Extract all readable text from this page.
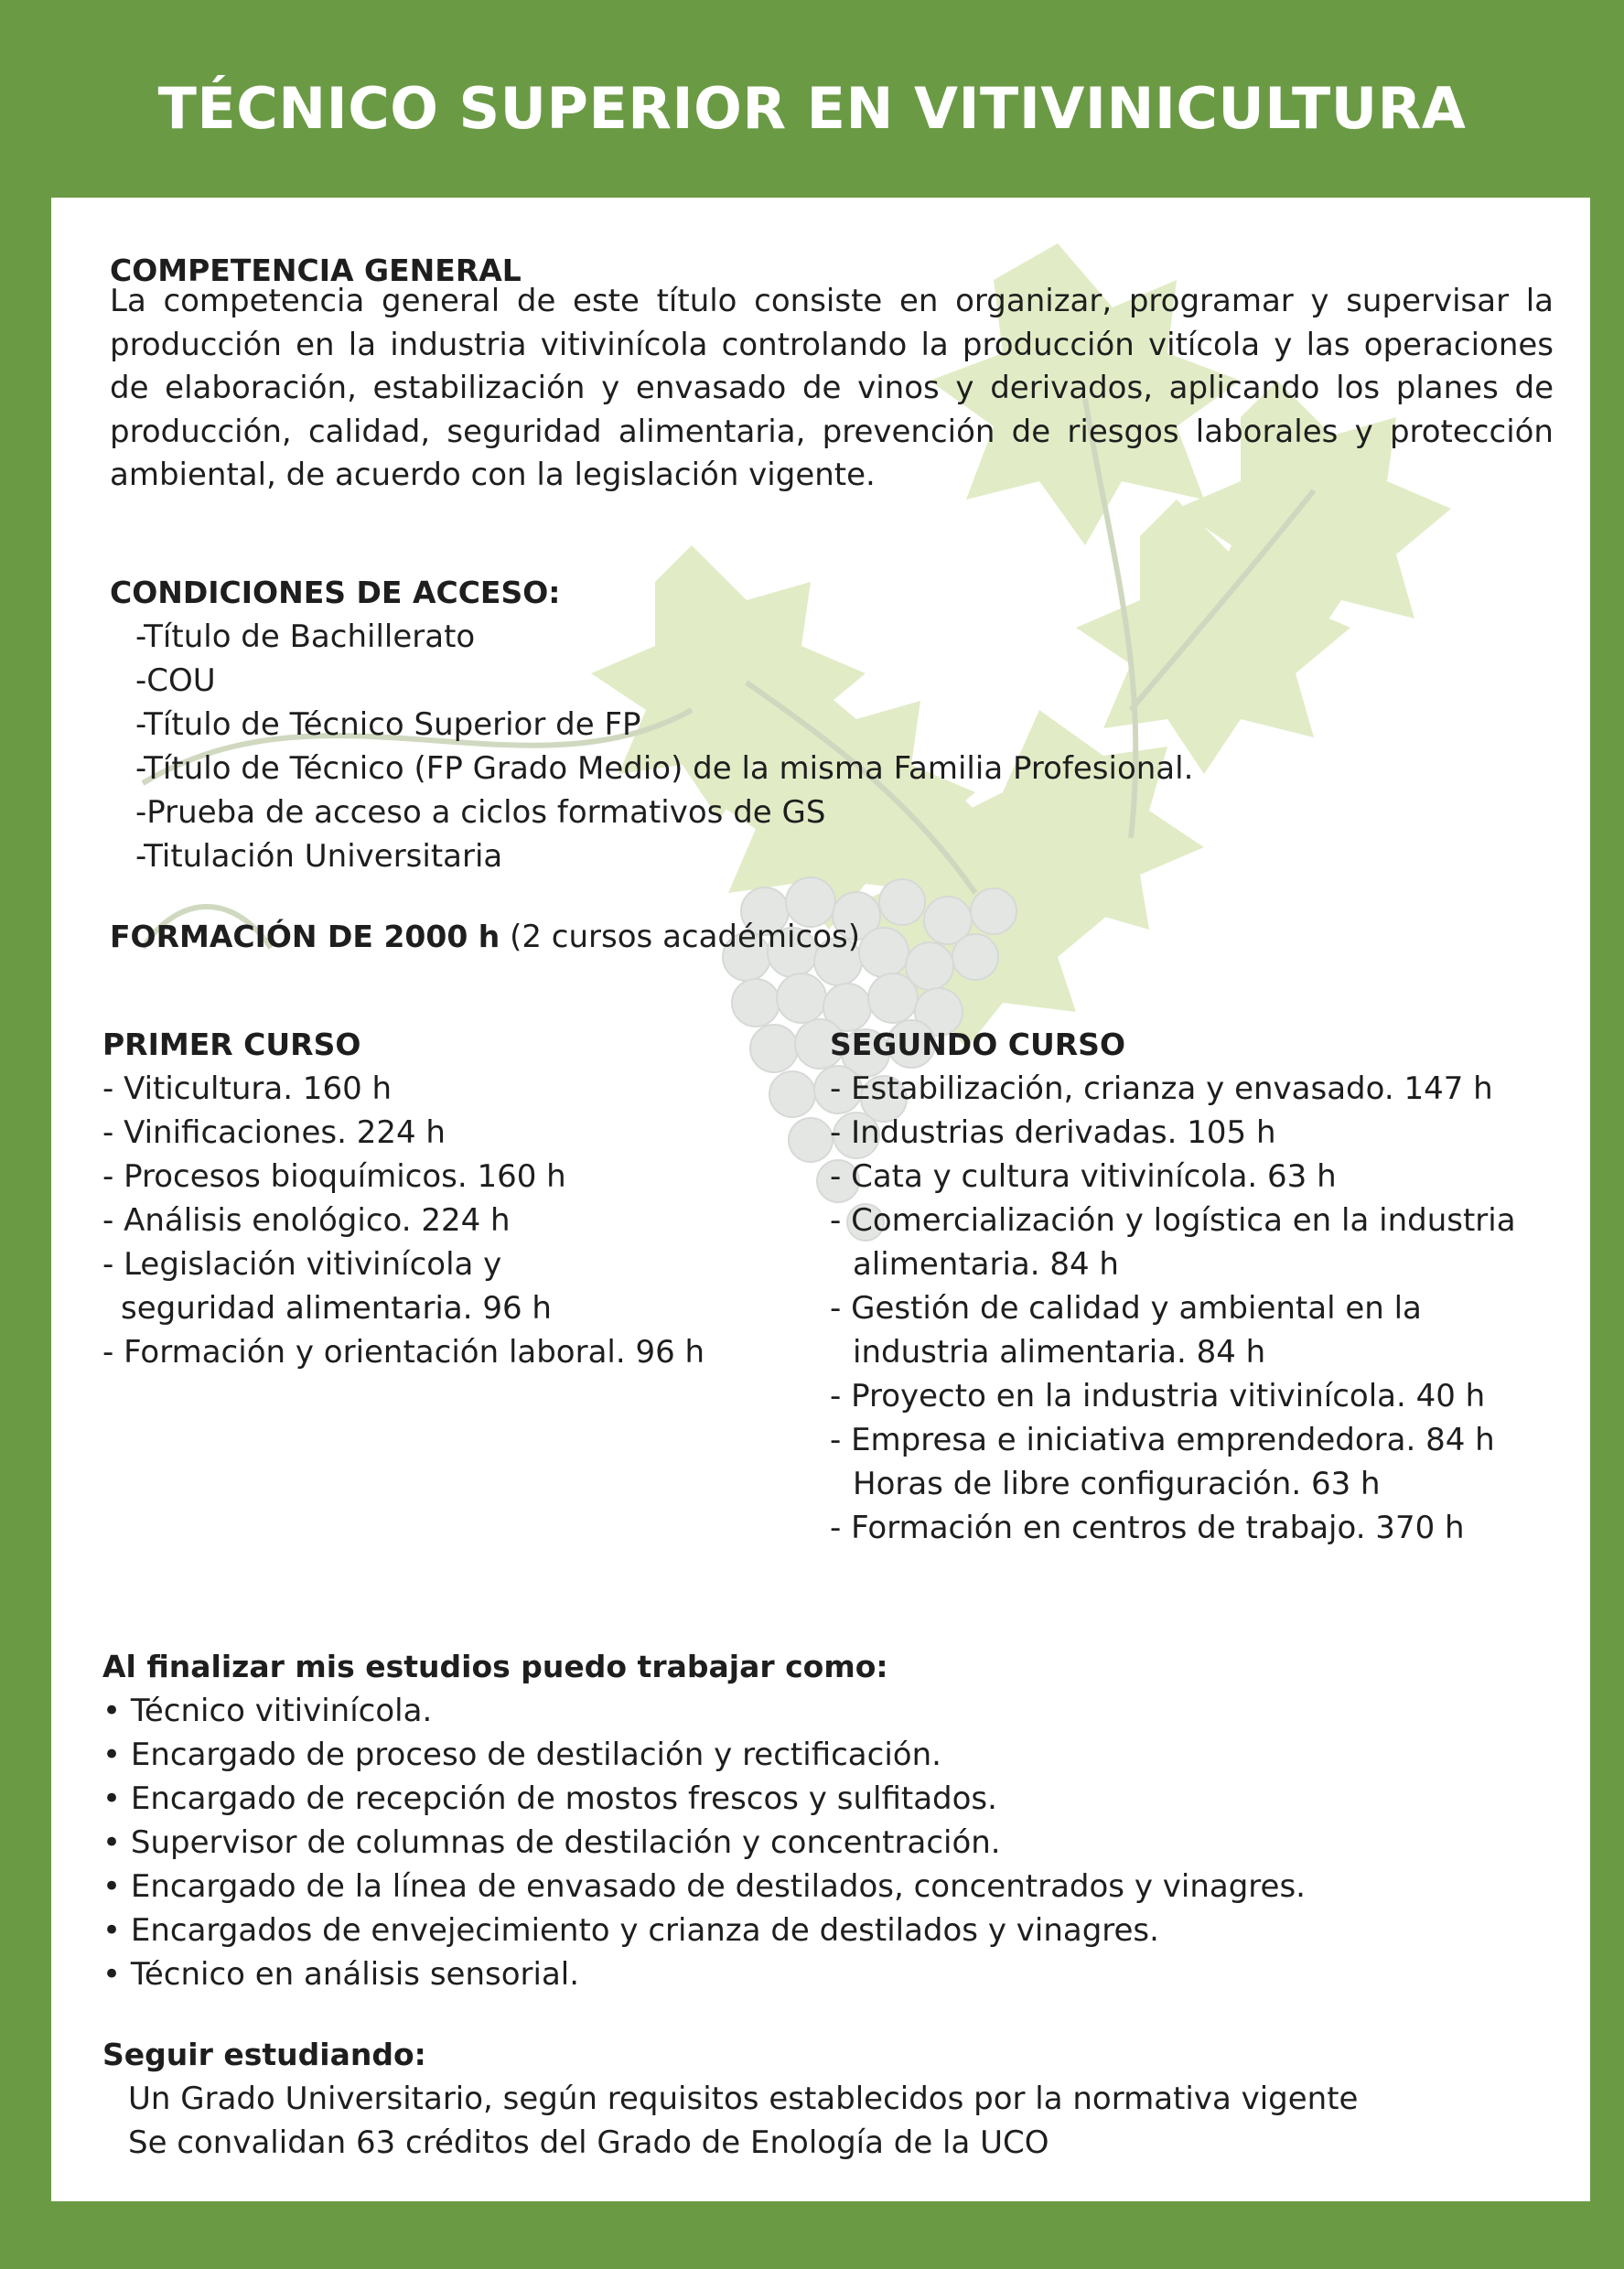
TÉCNICO SUPERIOR EN VITIVINICULTURA
COMPETENCIA GENERAL

La competencia general de este título consiste en organizar, programar y supervisar la producción en la industria vitivinícola controlando la producción vitícola y las operaciones de elaboración, estabilización y envasado de vinos y derivados, aplicando los planes de producción, calidad, seguridad alimentaria, prevención de riesgos laborales y protección ambiental, de acuerdo con la legislación vigente.

CONDICIONES DE ACCESO:
-Título de Bachillerato
-COU
-Título de Técnico Superior de FP
-Título de Técnico (FP Grado Medio) de la misma Familia Profesional.
-Prueba de acceso a ciclos formativos de GS
-Titulación Universitaria
FORMACIÓN DE 2000 h (2 cursos académicos)
PRIMER CURSO
- Viticultura. 160 h
- Vinificaciones. 224 h
- Procesos bioquímicos. 160 h
- Análisis enológico. 224 h
- Legislación vitivinícola y
seguridad alimentaria. 96 h
- Formación y orientación laboral. 96 h
SEGUNDO CURSO
- Estabilización, crianza y envasado. 147 h
- Industrias derivadas. 105 h
- Cata y cultura vitivinícola. 63 h
- Comercialización y logística en la industria
alimentaria. 84 h
- Gestión de calidad y ambiental en la
industria alimentaria. 84 h
- Proyecto en la industria vitivinícola. 40 h
- Empresa e iniciativa emprendedora. 84 h
Horas de libre configuración. 63 h
- Formación en centros de trabajo. 370 h
Al finalizar mis estudios puedo trabajar como:
• Técnico vitivinícola.
• Encargado de proceso de destilación y rectificación.
• Encargado de recepción de mostos frescos y sulfitados.
• Supervisor de columnas de destilación y concentración.
• Encargado de la línea de envasado de destilados, concentrados y vinagres.
• Encargados de envejecimiento y crianza de destilados y vinagres.
• Técnico en análisis sensorial.
Seguir estudiando:
Un Grado Universitario, según requisitos establecidos por la normativa vigente
Se convalidan 63 créditos del Grado de Enología de la UCO
